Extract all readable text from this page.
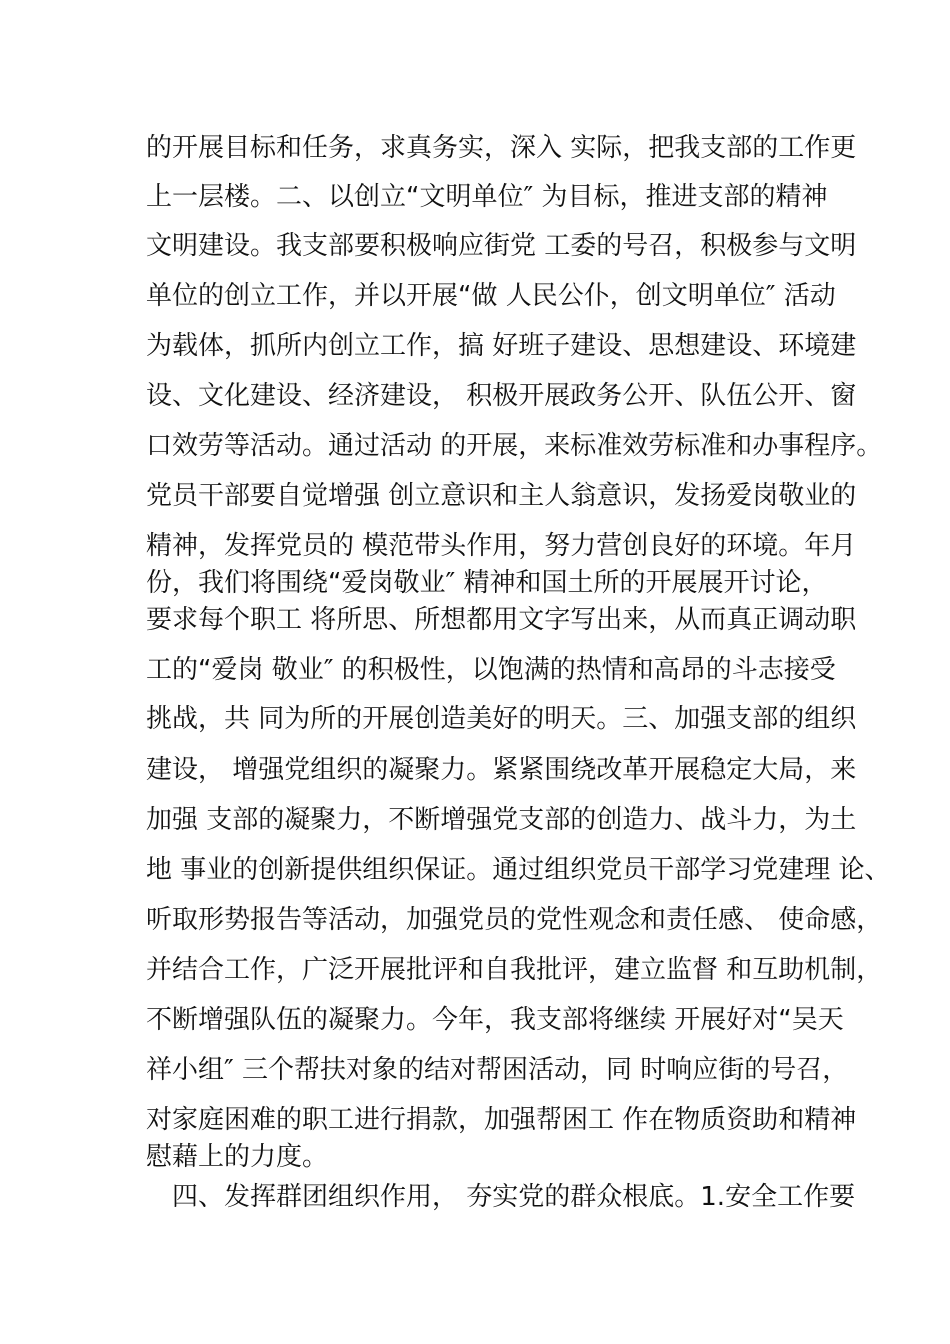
的开展目标和任务，求真务实，深入 实际，把我支部的工作更
上一层楼。二、以创立“文明单位″ 为目标，推进支部的精神
文明建设。我支部要积极响应街党 工委的号召，积极参与文明
单位的创立工作，并以开展“做 人民公仆，创文明单位″ 活动
为载体，抓所内创立工作，搞 好班子建设、思想建设、环境建
设、文化建设、经济建设， 积极开展政务公开、队伍公开、窗
口效劳等活动。通过活动 的开展，来标准效劳标准和办事程序。
党员干部要自觉增强 创立意识和主人翁意识，发扬爱岗敬业的
精神，发挥党员的 模范带头作用，努力营创良好的环境。年月
份，我们将围绕“爱岗敬业″ 精神和国土所的开展展开讨论，
要求每个职工 将所思、所想都用文字写出来，从而真正调动职
工的“爱岗 敬业″ 的积极性，以饱满的热情和高昂的斗志接受
挑战，共 同为所的开展创造美好的明天。三、加强支部的组织
建设， 增强党组织的凝聚力。紧紧围绕改革开展稳定大局，来
加强 支部的凝聚力，不断增强党支部的创造力、战斗力，为土
地 事业的创新提供组织保证。通过组织党员干部学习党建理 论、
听取形势报告等活动，加强党员的党性观念和责任感、 使命感，
并结合工作，广泛开展批评和自我批评，建立监督 和互助机制，
不断增强队伍的凝聚力。今年，我支部将继续 开展好对“吴天
祥小组″ 三个帮扶对象的结对帮困活动，同 时响应街的号召，
对家庭困难的职工进行捐款，加强帮困工 作在物质资助和精神
慰藉上的力度。
四、发挥群团组织作用， 夯实党的群众根底。1.安全工作要
